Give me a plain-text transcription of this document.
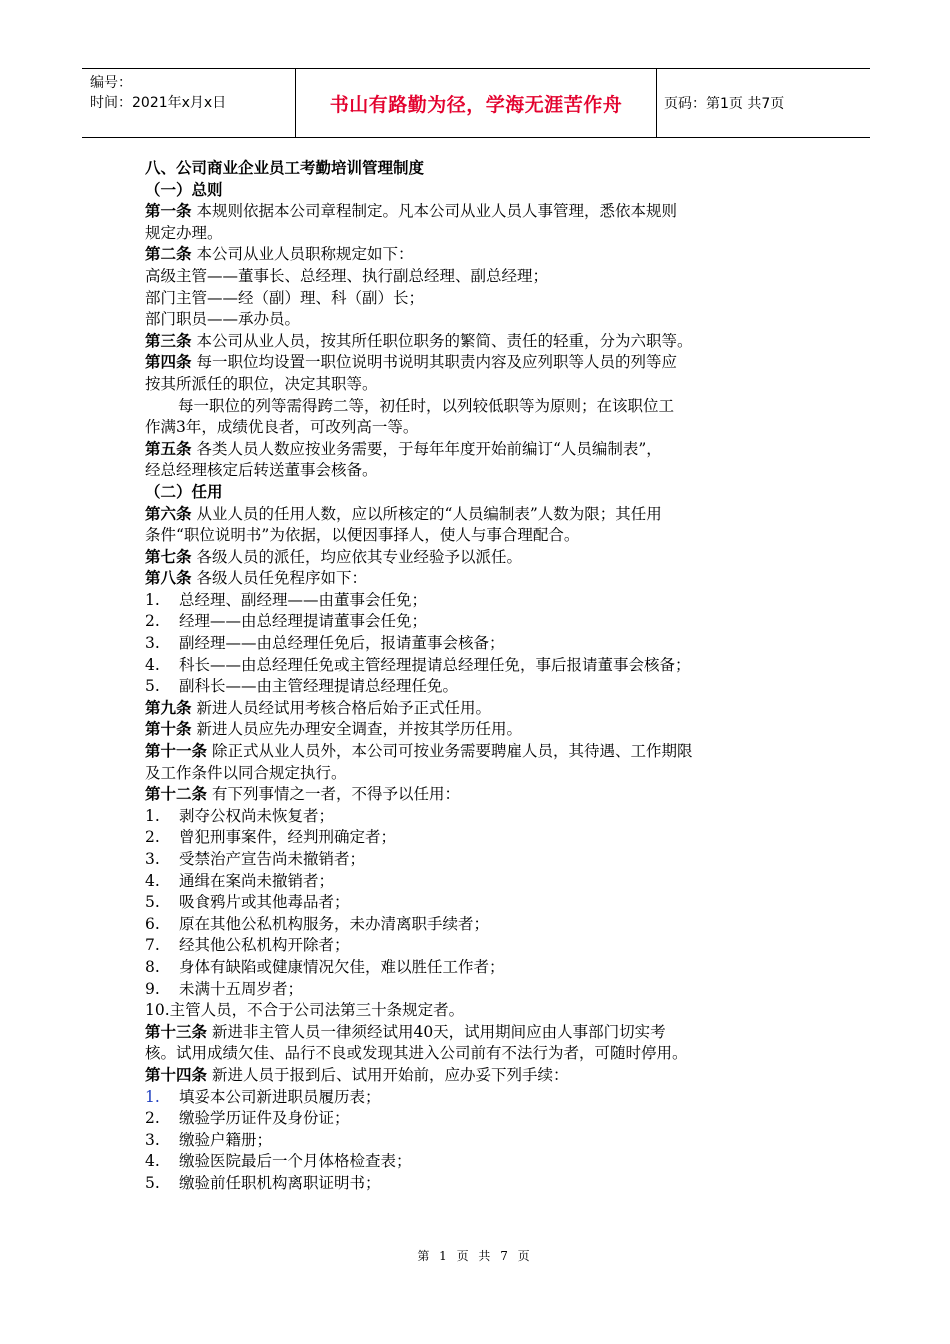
编号：
时间：2021年x月x日	书山有路勤为径，学海无涯苦作舟	页码：第1页 共7页
八、公司商业企业员工考勤培训管理制度
（一）总则
第一条 本规则依据本公司章程制定。凡本公司从业人员人事管理，悉依本规则
规定办理。
第二条 本公司从业人员职称规定如下：
高级主管——董事长、总经理、执行副总经理、副总经理；
部门主管——经（副）理、科（副）长；
部门职员——承办员。
第三条 本公司从业人员，按其所任职位职务的繁简、责任的轻重，分为六职等。
第四条 每一职位均设置一职位说明书说明其职责内容及应列职等人员的列等应
按其所派任的职位，决定其职等。
每一职位的列等需得跨二等，初任时，以列较低职等为原则；在该职位工
作满3年，成绩优良者，可改列高一等。
第五条 各类人员人数应按业务需要，于每年年度开始前编订“人员编制表”，
经总经理核定后转送董事会核备。
（二）任用
第六条 从业人员的任用人数，应以所核定的“人员编制表”人数为限；其任用
条件“职位说明书”为依据，以便因事择人，使人与事合理配合。
第七条 各级人员的派任，均应依其专业经验予以派任。
第八条 各级人员任免程序如下：
1. 总经理、副经理——由董事会任免；
2. 经理——由总经理提请董事会任免；
3. 副经理——由总经理任免后，报请董事会核备；
4. 科长——由总经理任免或主管经理提请总经理任免，事后报请董事会核备；
5. 副科长——由主管经理提请总经理任免。
第九条 新进人员经试用考核合格后始予正式任用。
第十条 新进人员应先办理安全调查，并按其学历任用。
第十一条 除正式从业人员外，本公司可按业务需要聘雇人员，其待遇、工作期限
及工作条件以同合规定执行。
第十二条 有下列事情之一者，不得予以任用：
1. 剥夺公权尚未恢复者；
2. 曾犯刑事案件，经判刑确定者；
3. 受禁治产宣告尚未撤销者；
4. 通缉在案尚未撤销者；
5. 吸食鸦片或其他毒品者；
6. 原在其他公私机构服务，未办清离职手续者；
7. 经其他公私机构开除者；
8. 身体有缺陷或健康情况欠佳，难以胜任工作者；
9. 未满十五周岁者；
10.主管人员，不合于公司法第三十条规定者。
第十三条 新进非主管人员一律须经试用40天，试用期间应由人事部门切实考
核。试用成绩欠佳、品行不良或发现其进入公司前有不法行为者，可随时停用。
第十四条 新进人员于报到后、试用开始前，应办妥下列手续：
1. 填妥本公司新进职员履历表；
2. 缴验学历证件及身份证；
3. 缴验户籍册；
4. 缴验医院最后一个月体格检查表；
5. 缴验前任职机构离职证明书；
第 1 页 共 7 页
